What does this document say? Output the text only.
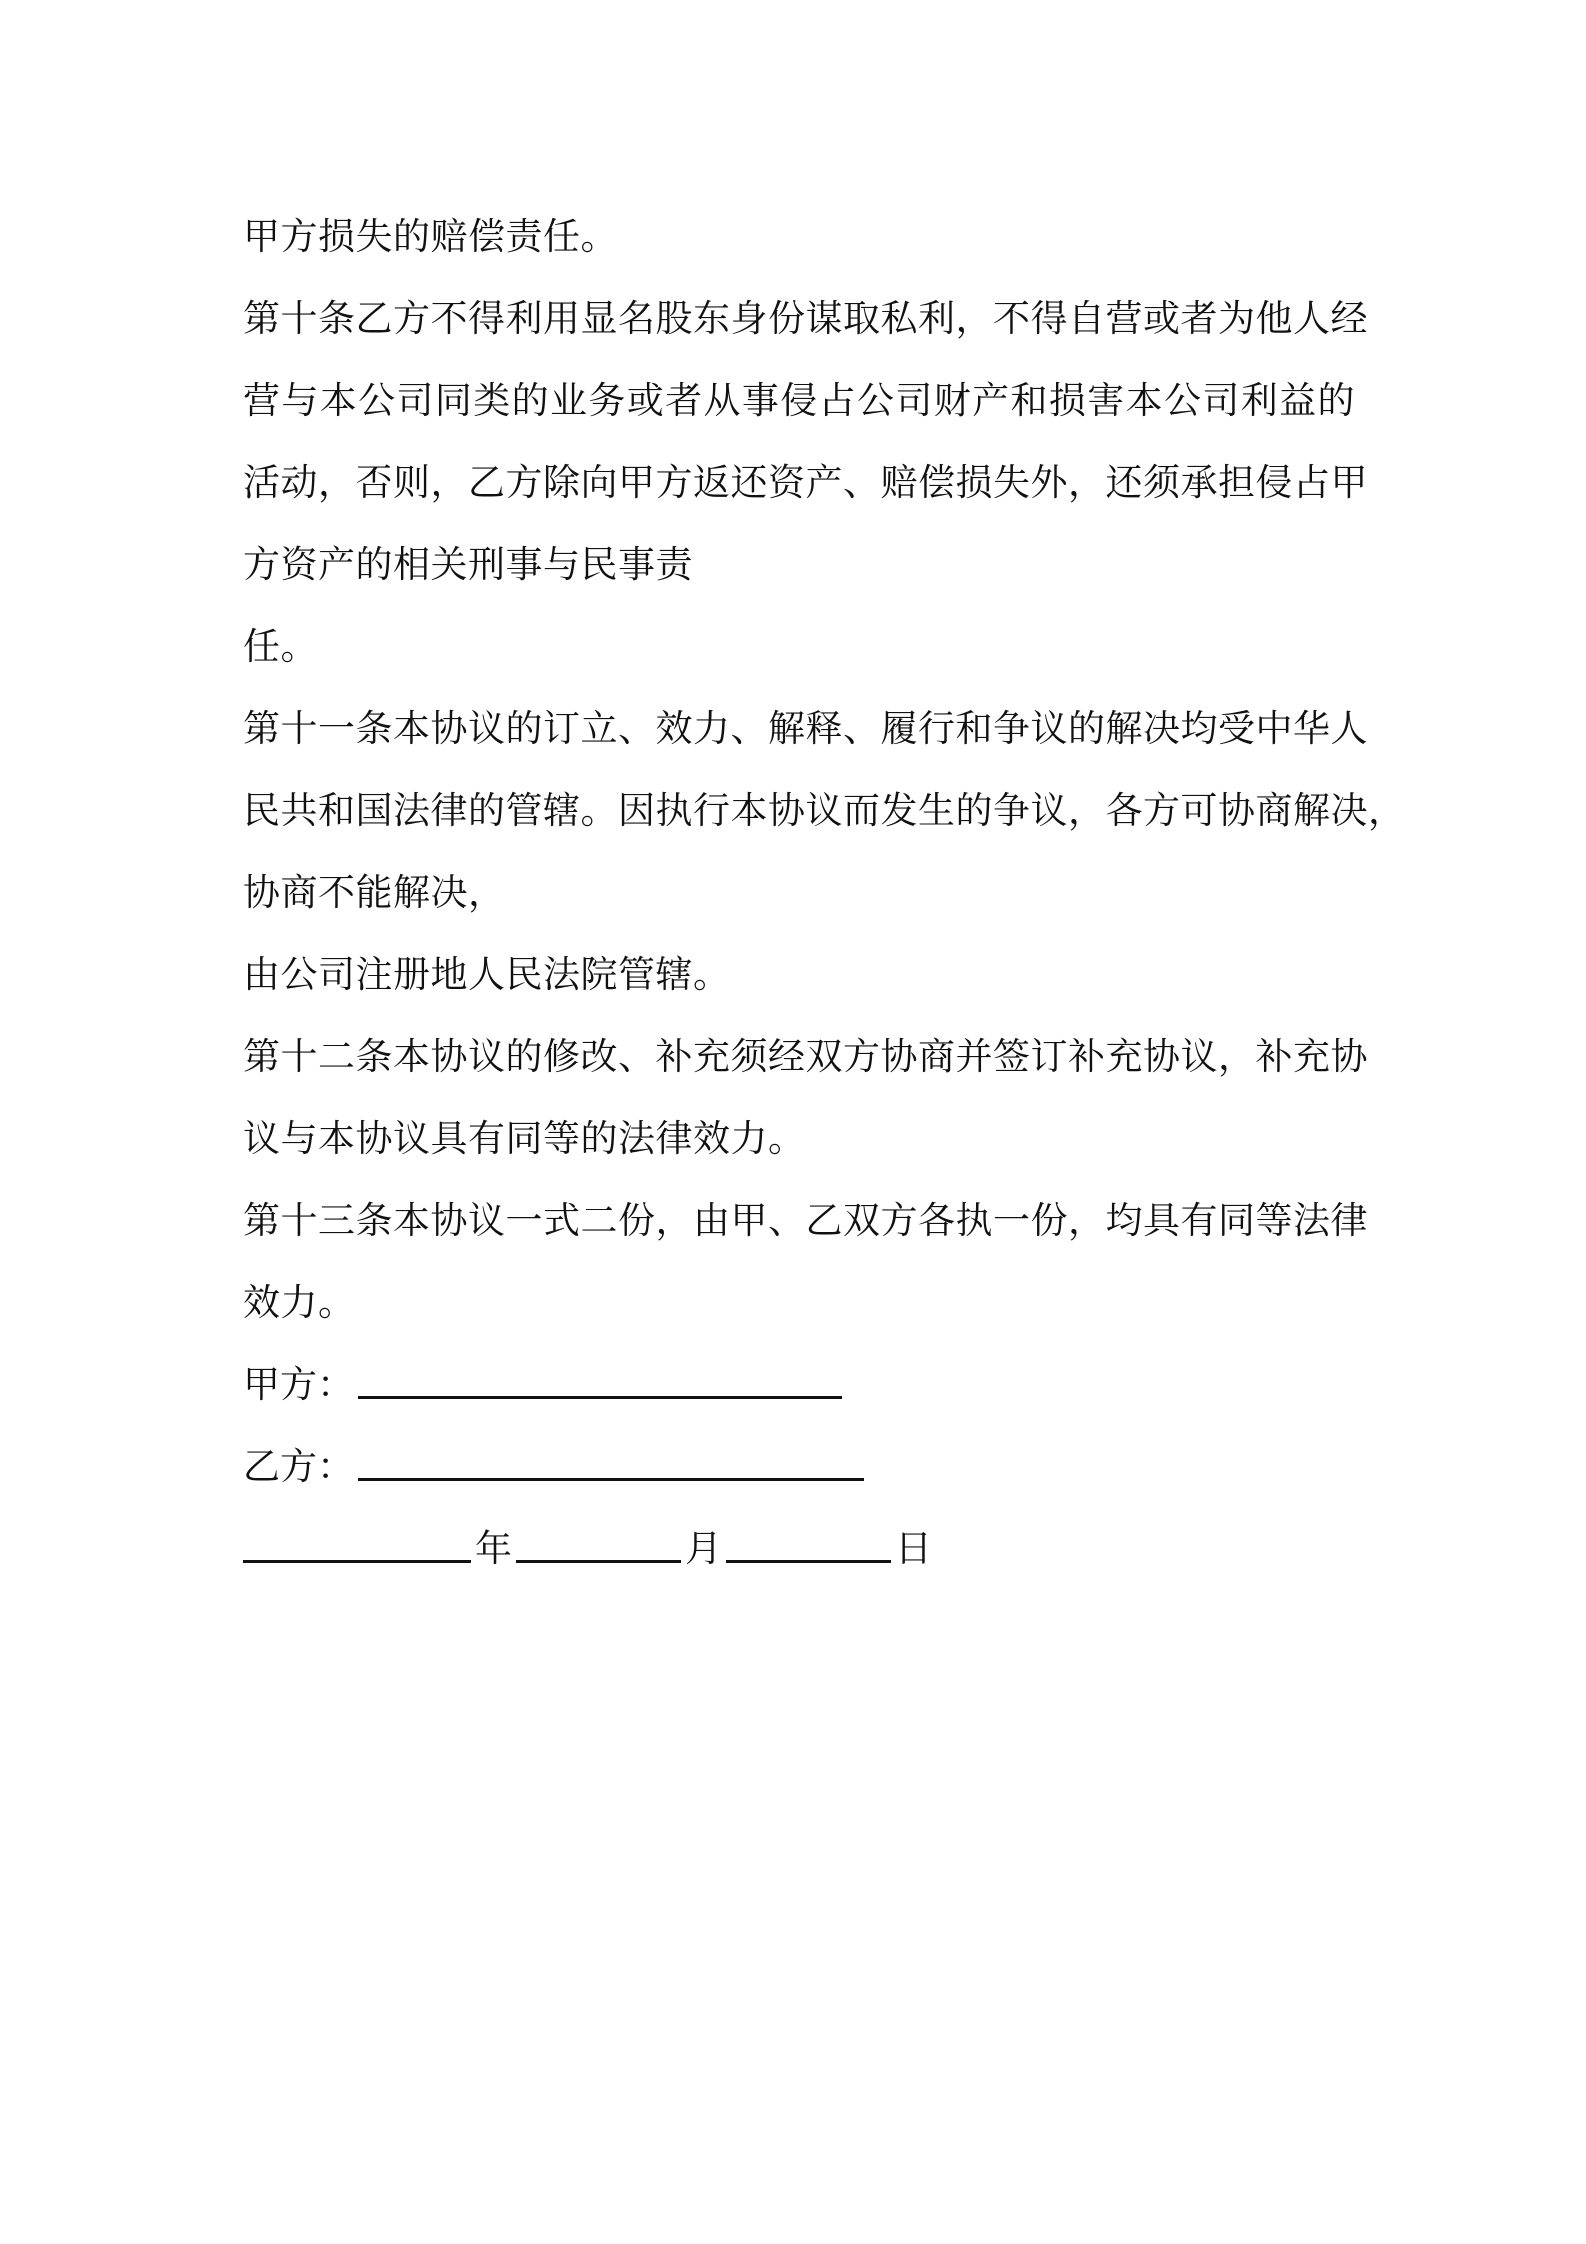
甲方损失的赔偿责任。
第十条乙方不得利用显名股东身份谋取私利，不得自营或者为他人经
营与本公司同类的业务或者从事侵占公司财产和损害本公司利益的
活动，否则，乙方除向甲方返还资产、赔偿损失外，还须承担侵占甲
方资产的相关刑事与民事责
任。
第十一条本协议的订立、效力、解释、履行和争议的解决均受中华人
民共和国法律的管辖。因执行本协议而发生的争议，各方可协商解决，
协商不能解决，
由公司注册地人民法院管辖。
第十二条本协议的修改、补充须经双方协商并签订补充协议，补充协
议与本协议具有同等的法律效力。
第十三条本协议一式二份，由甲、乙双方各执一份，均具有同等法律
效力。
甲方：
乙方：
年	月	日
